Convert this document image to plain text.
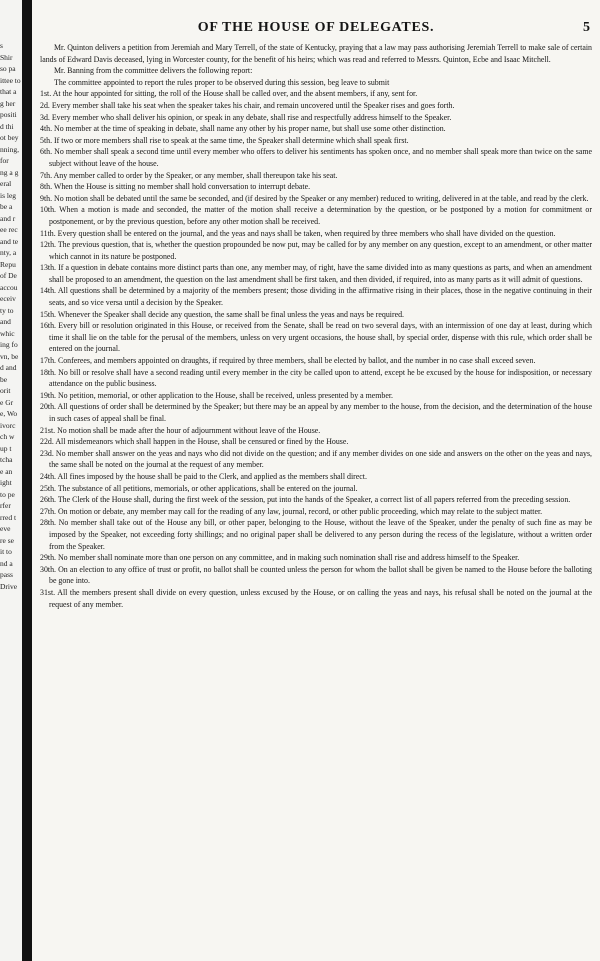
s
Shir
so pa
ittee to
that a
g her
positi
d thi
ot bey
nning,
for
ng a g
eral
is leg
be a
and r
ee rec
and te
nty, a
Repu
of De
accou
eceiv
ty to
and
whic
ing fo
vn, be
d and
be
orit
e Gr
e, Wo
ivorc
ch w
up t
tcha
e an
ight
to pe
rfer
rred t
eve
re se
it to
nd a
pass
Drive
OF THE HOUSE OF DELEGATES.	5

Mr. Quinton delivers a petition from Jeremiah and Mary Terrell, of the state of Kentucky, praying that a law may pass authorising Jeremiah Terrell to make sale of certain lands of Edward Davis deceased, lying in Worcester county, for the benefit of his heirs; which was read and referred to Messrs. Quinton, Ecbe and Isaac Mitchell.

Mr. Banning from the committee delivers the following report:

The committee appointed to report the rules proper to be observed during this session, beg leave to submit

1st. At the hour appointed for sitting, the roll of the House shall be called over, and the absent members, if any, sent for.

2d. Every member shall take his seat when the speaker takes his chair, and remain uncovered until the Speaker rises and goes forth.

3d. Every member who shall deliver his opinion, or speak in any debate, shall rise and respectfully address himself to the Speaker.

4th. No member at the time of speaking in debate, shall name any other by his proper name, but shall use some other distinction.

5th. If two or more members shall rise to speak at the same time, the Speaker shall determine which shall speak first.

6th. No member shall speak a second time until every member who offers to deliver his sentiments has spoken once, and no member shall speak more than twice on the same subject without leave of the house.

7th. Any member called to order by the Speaker, or any member, shall thereupon take his seat.

8th. When the House is sitting no member shall hold conversation to interrupt debate.

9th. No motion shall be debated until the same be seconded, and (if desired by the Speaker or any member) reduced to writing, delivered in at the table, and read by the clerk.

10th. When a motion is made and seconded, the matter of the motion shall receive a determination by the question, or be postponed by a motion for commitment or postponement, or by the previous question, before any other motion shall be received.

11th. Every question shall be entered on the journal, and the yeas and nays shall be taken, when required by three members who shall have divided on the question.

12th. The previous question, that is, whether the question propounded be now put, may be called for by any member on any question, except to an amendment, or other matter which cannot in its nature be postponed.

13th. If a question in debate contains more distinct parts than one, any member may, of right, have the same divided into as many questions as parts, and when an amendment shall be proposed to an amendment, the question on the last amendment shall be first taken, and then divided, if required, into as many parts as it will admit of questions.

14th. All questions shall be determined by a majority of the members present; those dividing in the affirmative rising in their places, those in the negative continuing in their seats, and so vice versa until a decision by the Speaker.

15th. Whenever the Speaker shall decide any question, the same shall be final unless the yeas and nays be required.

16th. Every bill or resolution originated in this House, or received from the Senate, shall be read on two several days, with an intermission of one day at least, during which time it shall lie on the table for the perusal of the members, unless on very urgent occasions, the house shall, by special order, dispense with this rule, which order shall be entered on the journal.

17th. Conferees, and members appointed on draughts, if required by three members, shall be elected by ballot, and the number in no case shall exceed seven.

18th. No bill or resolve shall have a second reading until every member in the city be called upon to attend, except he be excused by the house for indisposition, or necessary attendance on the public business.

19th. No petition, memorial, or other application to the House, shall be received, unless presented by a member.

20th. All questions of order shall be determined by the Speaker; but there may be an appeal by any member to the house, from the decision, and the determination of the house in such cases of appeal shall be final.

21st. No motion shall be made after the hour of adjournment without leave of the House.

22d. All misdemeanors which shall happen in the House, shall be censured or fined by the House.

23d. No member shall answer on the yeas and nays who did not divide on the question; and if any member divides on one side and answers on the other on the yeas and nays, the same shall be noted on the journal at the request of any member.

24th. All fines imposed by the house shall be paid to the Clerk, and applied as the members shall direct.

25th. The substance of all petitions, memorials, or other applications, shall be entered on the journal.

26th. The Clerk of the House shall, during the first week of the session, put into the hands of the Speaker, a correct list of all papers referred from the preceding session.

27th. On motion or debate, any member may call for the reading of any law, journal, record, or other public proceeding, which may relate to the subject matter.

28th. No member shall take out of the House any bill, or other paper, belonging to the House, without the leave of the Speaker, under the penalty of such fine as may be imposed by the Speaker, not exceeding forty shillings; and no original paper shall be delivered to any person during the recess of the legislature, without a written order from the Speaker.

29th. No member shall nominate more than one person on any committee, and in making such nomination shall rise and address himself to the Speaker.

30th. On an election to any office of trust or profit, no ballot shall be counted unless the person for whom the ballot shall be given be named to the House before the balloting be gone into.

31st. All the members present shall divide on every question, unless excused by the House, or on calling the yeas and nays, his refusal shall be noted on the journal at the request of any member.
